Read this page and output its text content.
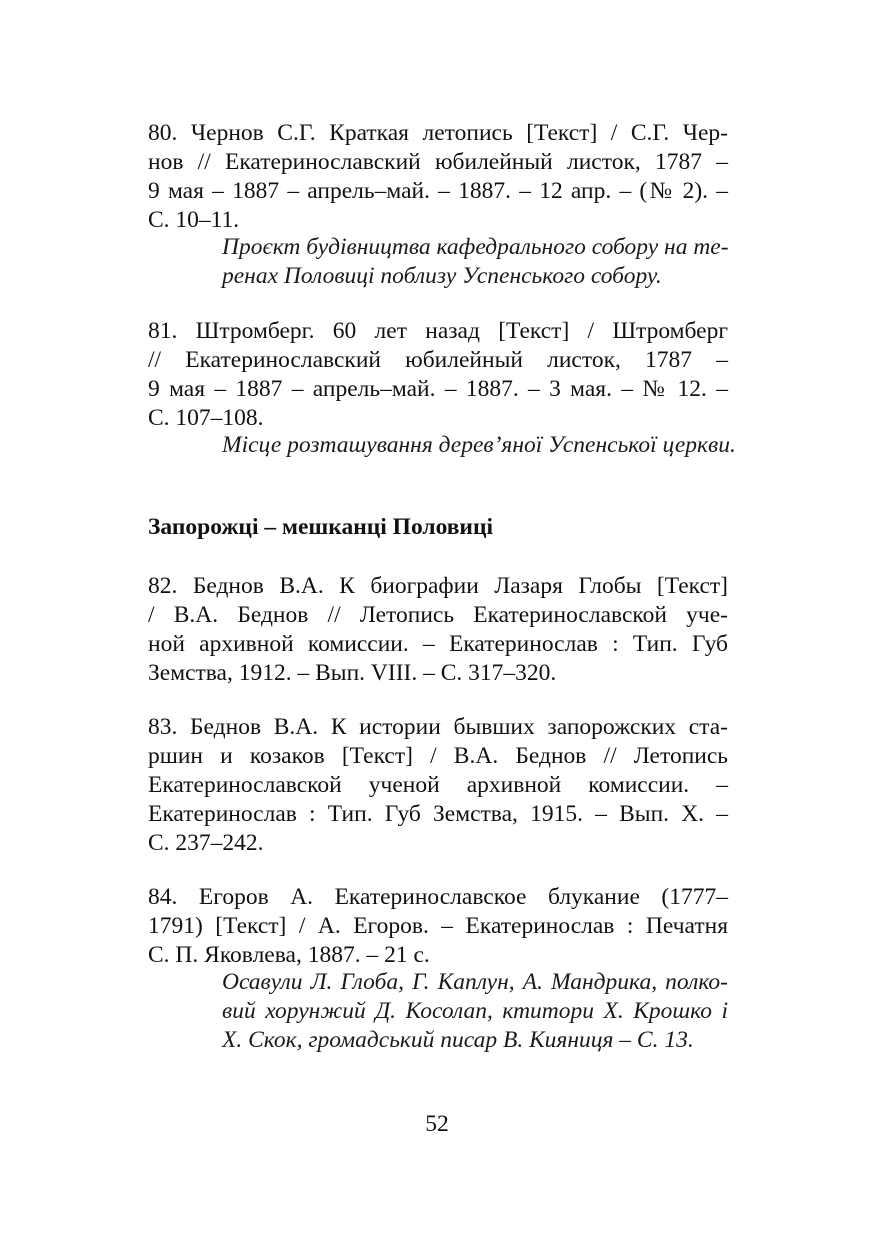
80. Чернов С.Г. Краткая летопись [Текст] / С.Г. Чер-
нов // Екатеринославский юбилейный листок, 1787 –
9 мая – 1887 – апрель–май. – 1887. – 12 апр. – (№ 2). –
С. 10–11.
Проєкт будівництва кафедрального собору на те-
ренах Половиці поблизу Успенського собору.
81. Штромберг. 60 лет назад [Текст] / Штромберг
// Екатеринославский юбилейный листок, 1787 –
9 мая – 1887 – апрель–май. – 1887. – 3 мая. – № 12. –
С. 107–108.
Місце розташування дерев’яної Успенської церкви.
Запорожці – мешканці Половиці
82. Беднов В.А. К биографии Лазаря Глобы [Текст]
/ В.А. Беднов // Летопись Екатеринославской уче-
ной архивной комиссии. – Екатеринослав : Тип. Губ
Земства, 1912. – Вып. VIII. – С. 317–320.
83. Беднов В.А. К истории бывших запорожских ста-
ршин и козаков [Текст] / В.А. Беднов // Летопись
Екатеринославской ученой архивной комиссии. –
Екатеринослав : Тип. Губ Земства, 1915. – Вып. Х. –
С. 237–242.
84. Егоров А. Екатеринославское блукание (1777–
1791) [Текст] / А. Егоров. – Екатеринослав : Печатня
С. П. Яковлева, 1887. – 21 с.
Осавули Л. Глоба, Г. Каплун, А. Мандрика, полко-
вий хорунжий Д. Косолап, ктитори Х. Крошко і
Х. Скок, громадський писар В. Кияниця – С. 13.
52
